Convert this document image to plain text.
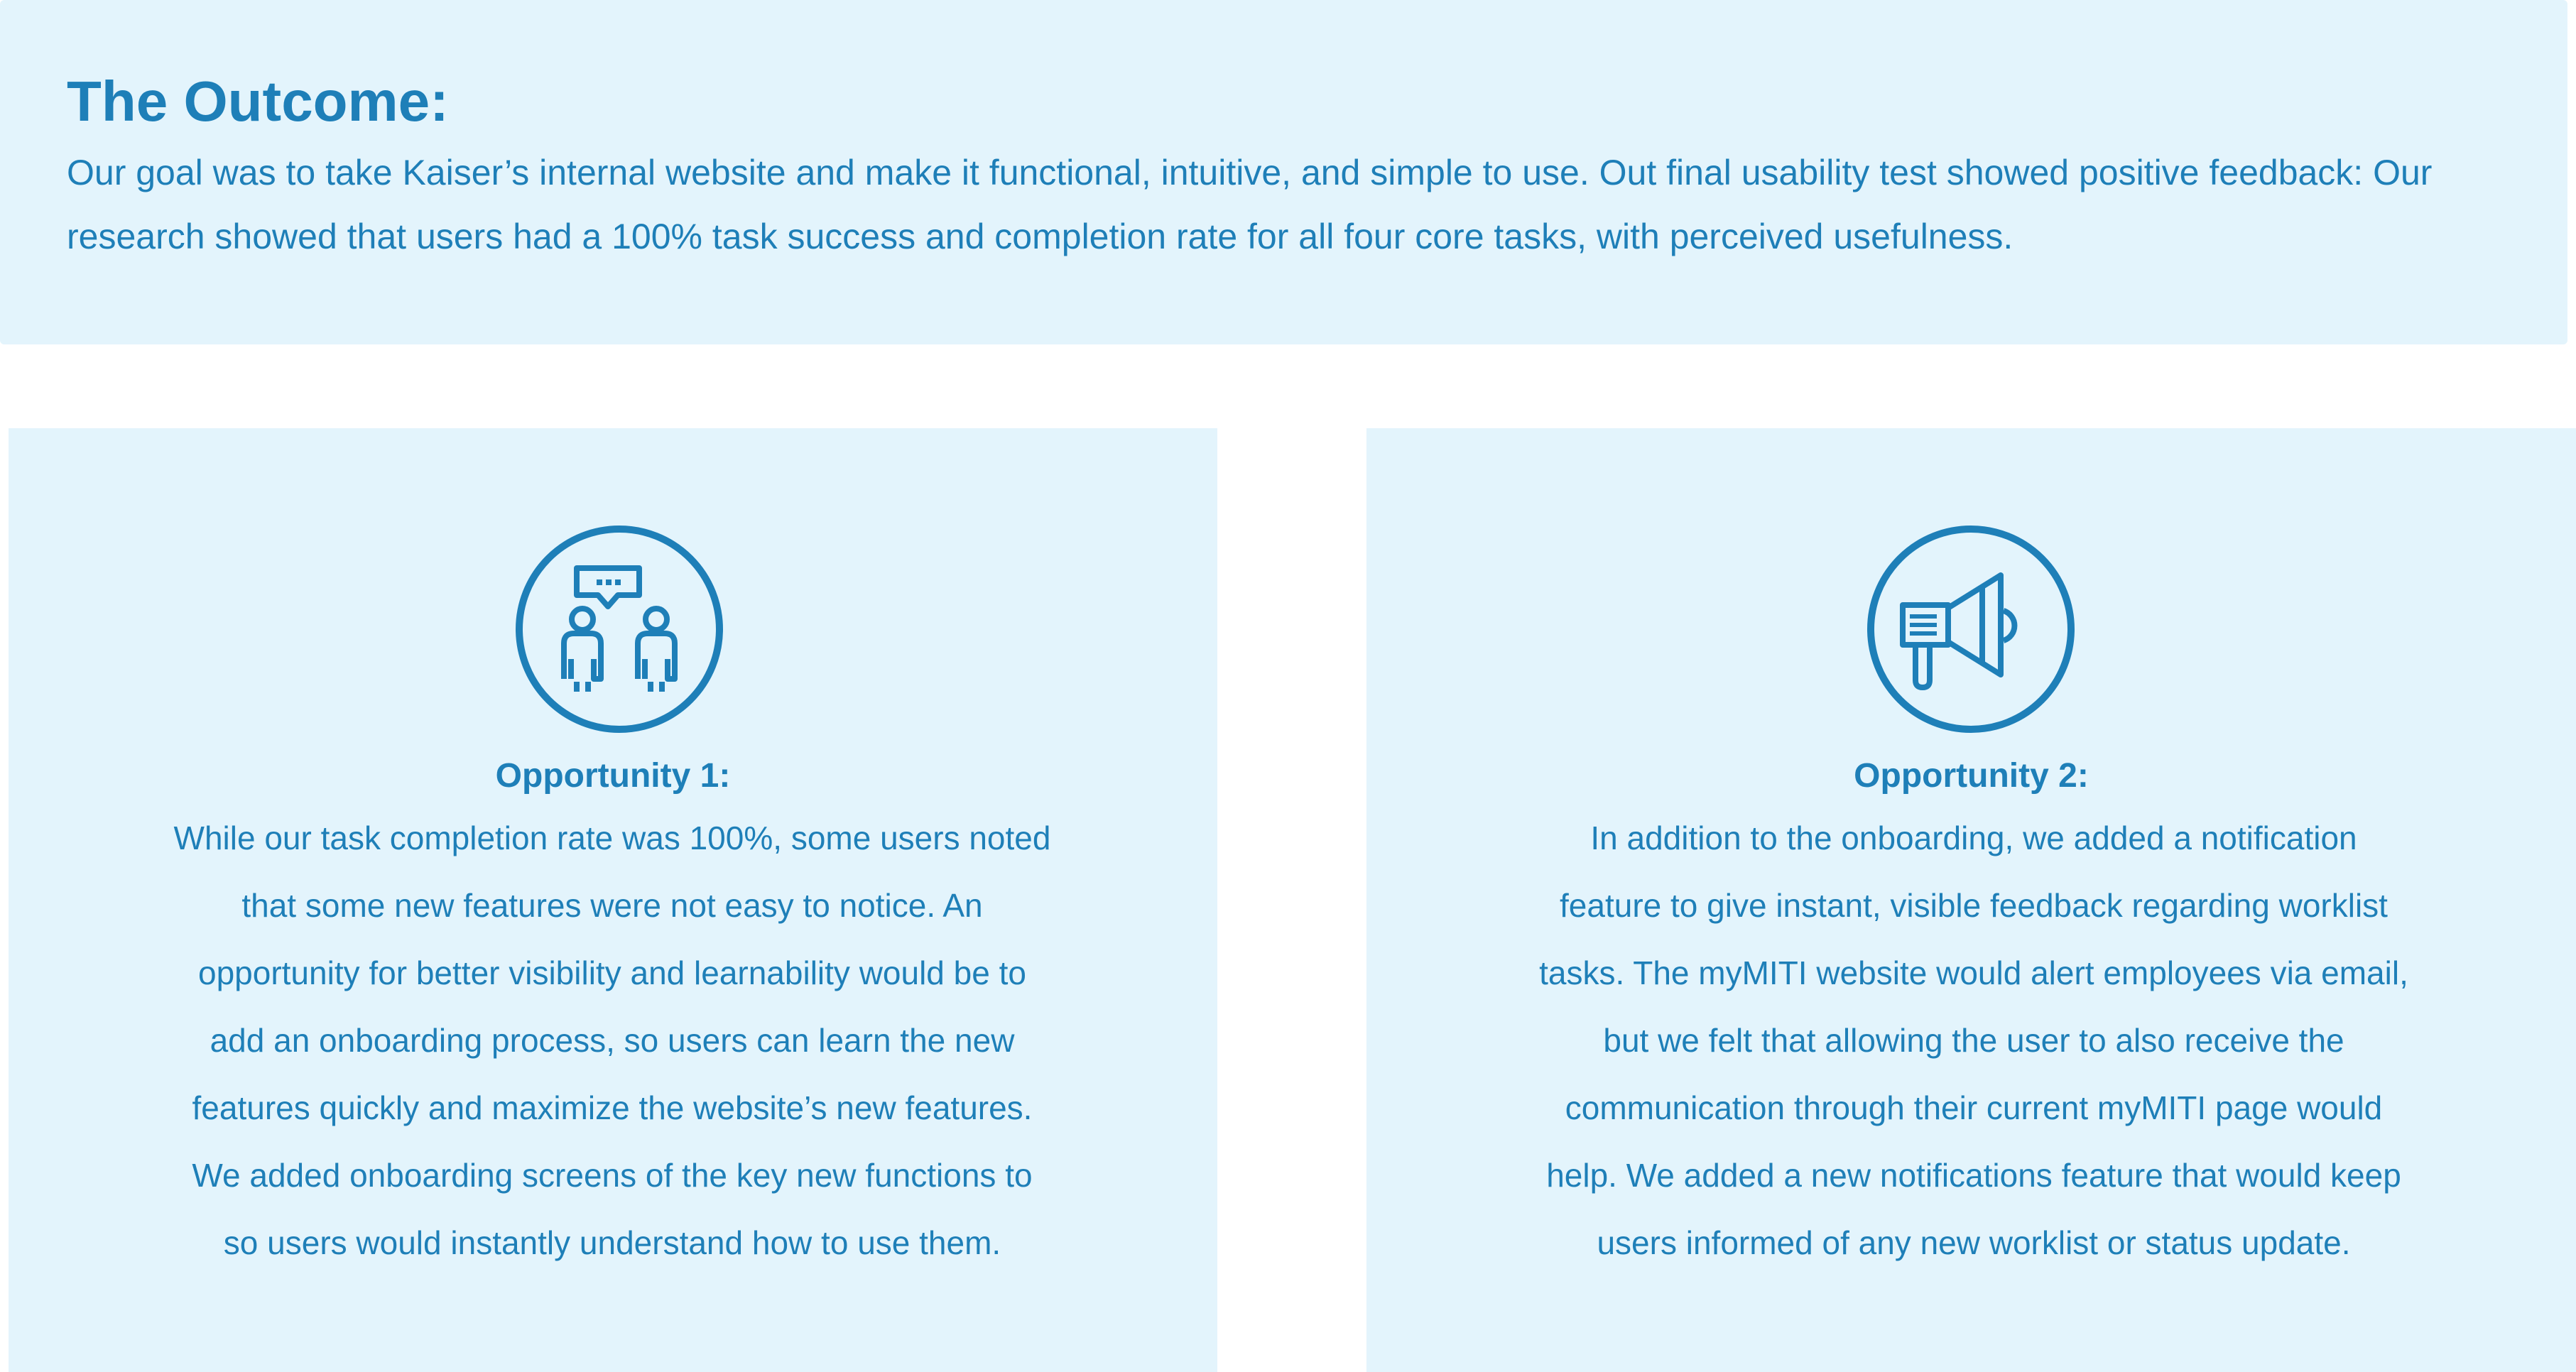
The Outcome:

Our goal was to take Kaiser’s internal website and make it functional, intuitive, and simple to use. Out final usability test showed positive feedback: Our research showed that users had a 100% task success and completion rate for all four core tasks, with perceived usefulness.

Opportunity 1:
While our task completion rate was 100%, some users noted
that some new features were not easy to notice. An
opportunity for better visibility and learnability would be to
add an onboarding process, so users can learn the new
features quickly and maximize the website’s new features.
We added onboarding screens of the key new functions to
so users would instantly understand how to use them.
Opportunity 2:
In addition to the onboarding, we added a notification
feature to give instant, visible feedback regarding worklist
tasks. The myMITI website would alert employees via email,
but we felt that allowing the user to also receive the
communication through their current myMITI page would
help. We added a new notifications feature that would keep
users informed of any new worklist or status update.
